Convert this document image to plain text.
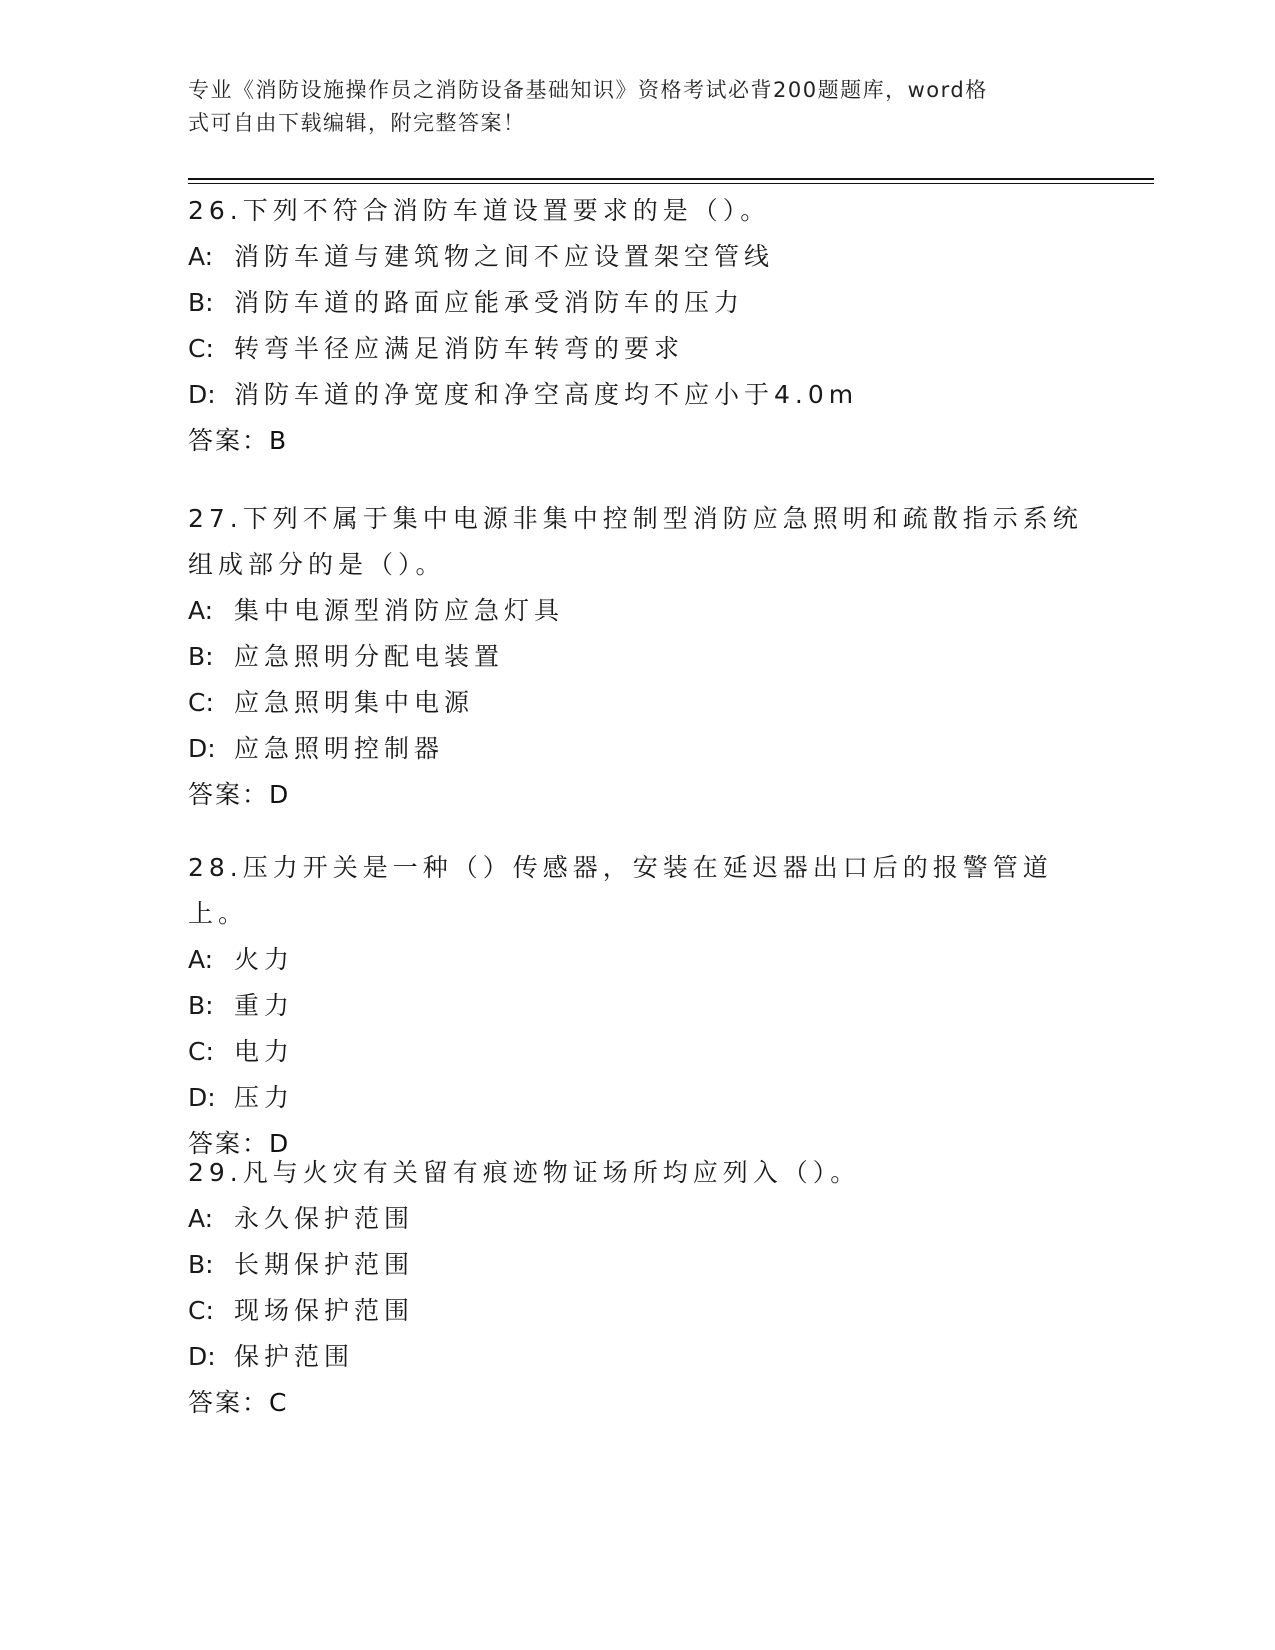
专业《消防设施操作员之消防设备基础知识》资格考试必背200题题库，word格
式可自由下载编辑，附完整答案！
26.下列不符合消防车道设置要求的是（）。
A: 消防车道与建筑物之间不应设置架空管线
B: 消防车道的路面应能承受消防车的压力
C: 转弯半径应满足消防车转弯的要求
D: 消防车道的净宽度和净空高度均不应小于4.0m
答案：B
27.下列不属于集中电源非集中控制型消防应急照明和疏散指示系统组成部分的是（）。
A: 集中电源型消防应急灯具
B: 应急照明分配电装置
C: 应急照明集中电源
D: 应急照明控制器
答案：D
28.压力开关是一种（）传感器，安装在延迟器出口后的报警管道上。
A: 火力
B: 重力
C: 电力
D: 压力
答案：D
29.凡与火灾有关留有痕迹物证场所均应列入（）。
A: 永久保护范围
B: 长期保护范围
C: 现场保护范围
D: 保护范围
答案：C
